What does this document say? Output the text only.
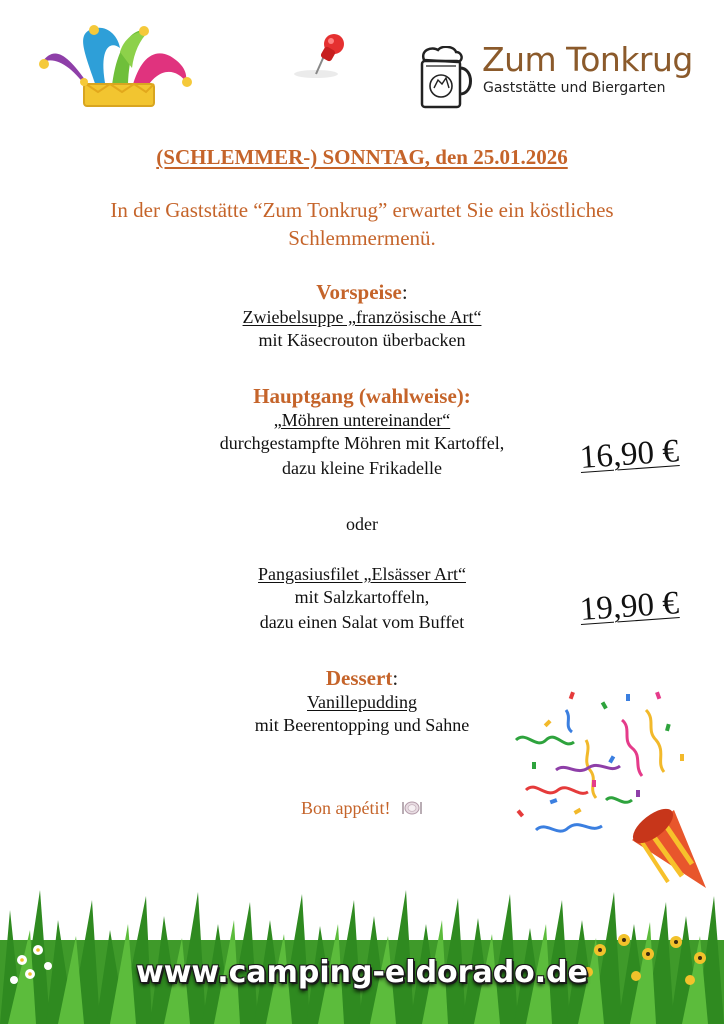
Zum Tonkrug
Gaststätte und Biergarten
(SCHLEMMER-) SONNTAG, den 25.01.2026
In der Gaststätte “Zum Tonkrug” erwartet Sie ein köstliches
Schlemmermenü.
Vorspeise:
Zwiebelsuppe „französische Art“
mit Käsecrouton überbacken
Hauptgang (wahlweise):
„Möhren untereinander“
durchgestampfte Möhren mit Kartoffel,
dazu kleine Frikadelle	16,90 €
oder
Pangasiusfilet „Elsässer Art“
mit Salzkartoffeln,
dazu einen Salat vom Buffet	19,90 €
Dessert:
Vanillepudding
mit Beerentopping und Sahne
Bon appétit!
www.camping-eldorado.de
